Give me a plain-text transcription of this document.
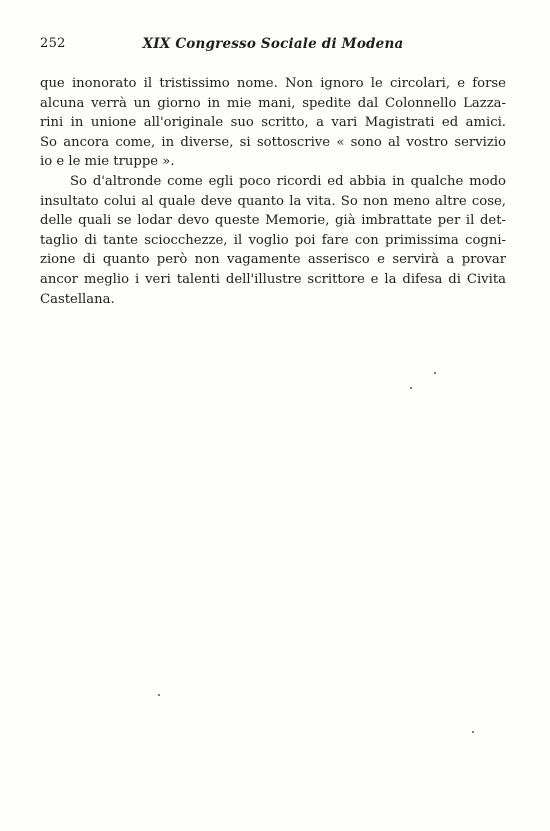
252	XIX Congresso Sociale di Modena

que inonorato il tristissimo nome. Non ignoro le circolari, e forse
alcuna verrà un giorno in mie mani, spedite dal Colonnello Lazza-
rini in unione all'originale suo scritto, a vari Magistrati ed amici.
So ancora come, in diverse, si sottoscrive « sono al vostro servizio
io e le mie truppe ».

So d'altronde come egli poco ricordi ed abbia in qualche modo
insultato colui al quale deve quanto la vita. So non meno altre cose,
delle quali se lodar devo queste Memorie, già imbrattate per il det-
taglio di tante sciocchezze, il voglio poi fare con primissima cogni-
zione di quanto però non vagamente asserisco e servirà a provar
ancor meglio i veri talenti dell'illustre scrittore e la difesa di Civita
Castellana.
